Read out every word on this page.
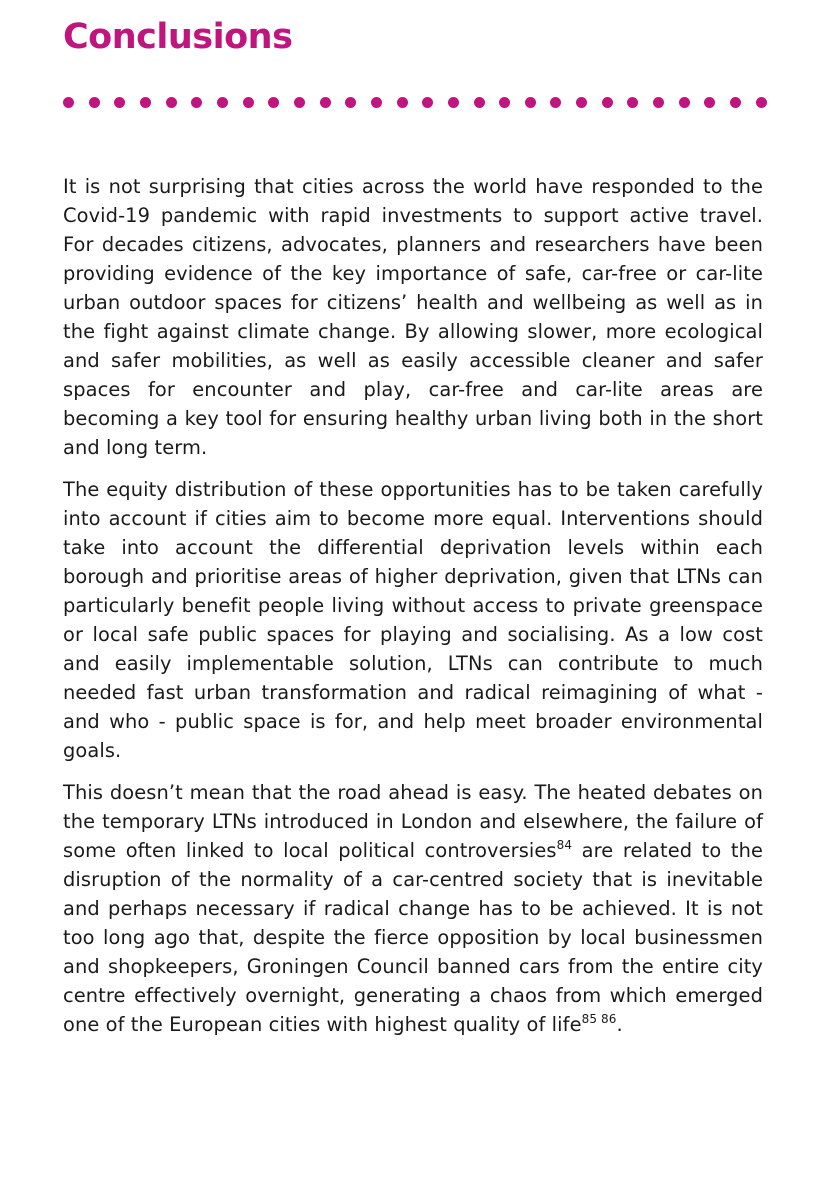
Conclusions

It is not surprising that cities across the world have responded to the Covid-19 pandemic with rapid investments to support active travel. For decades citizens, advocates, planners and researchers have been providing evidence of the key importance of safe, car-free or car-lite urban outdoor spaces for citizens’ health and wellbeing as well as in the fight against climate change. By allowing slower, more ecological and safer mobilities, as well as easily accessible cleaner and safer spaces for encounter and play, car-free and car-lite areas are becoming a key tool for ensuring healthy urban living both in the short and long term.

The equity distribution of these opportunities has to be taken carefully into account if cities aim to become more equal. Interventions should take into account the differential deprivation levels within each borough and prioritise areas of higher deprivation, given that LTNs can particularly benefit people living without access to private greenspace or local safe public spaces for playing and socialising. As a low cost and easily implementable solution, LTNs can contribute to much needed fast urban transformation and radical reimagining of what - and who - public space is for, and help meet broader environmental goals.

This doesn’t mean that the road ahead is easy. The heated debates on the temporary LTNs introduced in London and elsewhere, the failure of some often linked to local political controversies$^{84}$ are related to the disruption of the normality of a car-centred society that is inevitable and perhaps necessary if radical change has to be achieved. It is not too long ago that, despite the fierce opposition by local businessmen and shopkeepers, Groningen Council banned cars from the entire city centre effectively overnight, generating a chaos from which emerged one of the European cities with highest quality of life$^{85 86}$.
